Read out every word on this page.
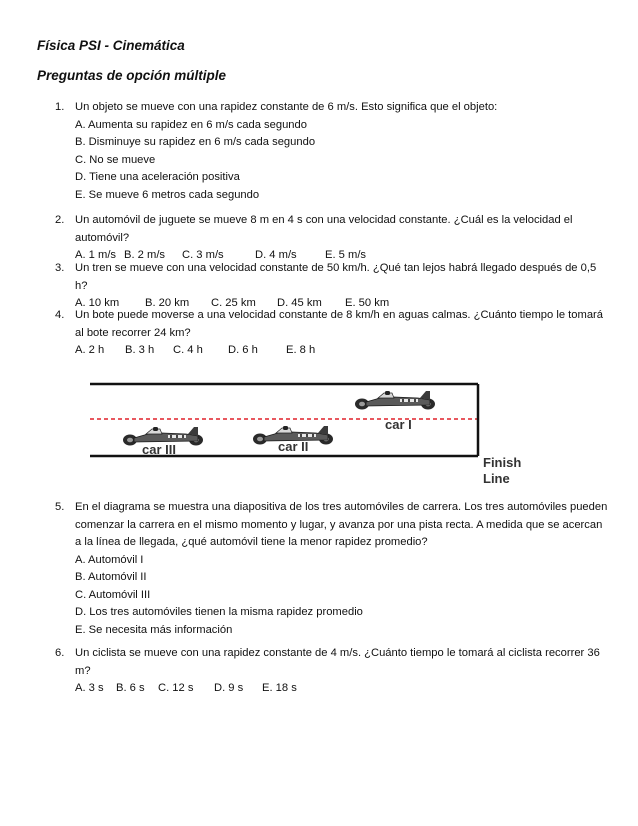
Física PSI - Cinemática
Preguntas de opción múltiple
1. Un objeto se mueve con una rapidez constante de 6 m/s. Esto significa que el objeto:
A. Aumenta su rapidez en 6 m/s cada segundo
B. Disminuye su rapidez en 6 m/s cada segundo
C. No se mueve
D. Tiene una aceleración positiva
E. Se mueve 6 metros cada segundo
2. Un automóvil de juguete se mueve 8 m en 4 s con una velocidad constante. ¿Cuál es la velocidad el automóvil?
A. 1 m/s B. 2 m/s C. 3 m/s	D. 4 m/s	E. 5 m/s
3. Un tren se mueve con una velocidad constante de 50 km/h. ¿Qué tan lejos habrá llegado después de 0,5 h?
A. 10 km B. 20 km C. 25 km D. 45 km E. 50 km
4. Un bote puede moverse a una velocidad constante de 8 km/h en aguas calmas. ¿Cuánto tiempo le tomará al bote recorrer 24 km?
A. 2 h B. 3 h C. 4 h D. 6 h	E. 8 h
car I
car II
car III
Finish
Line
5. En el diagrama se muestra una diapositiva de los tres automóviles de carrera. Los tres automóviles pueden comenzar la carrera en el mismo momento y lugar, y avanza por una pista recta. A medida que se acercan a la línea de llegada, ¿qué automóvil tiene la menor rapidez promedio?
A. Automóvil I
B. Automóvil II
C. Automóvil III
D. Los tres automóviles tienen la misma rapidez promedio
E. Se necesita más información
6. Un ciclista se mueve con una rapidez constante de 4 m/s. ¿Cuánto tiempo le tomará al ciclista recorrer 36 m?
A. 3 s B. 6 s C. 12 s D. 9 s E. 18 s
